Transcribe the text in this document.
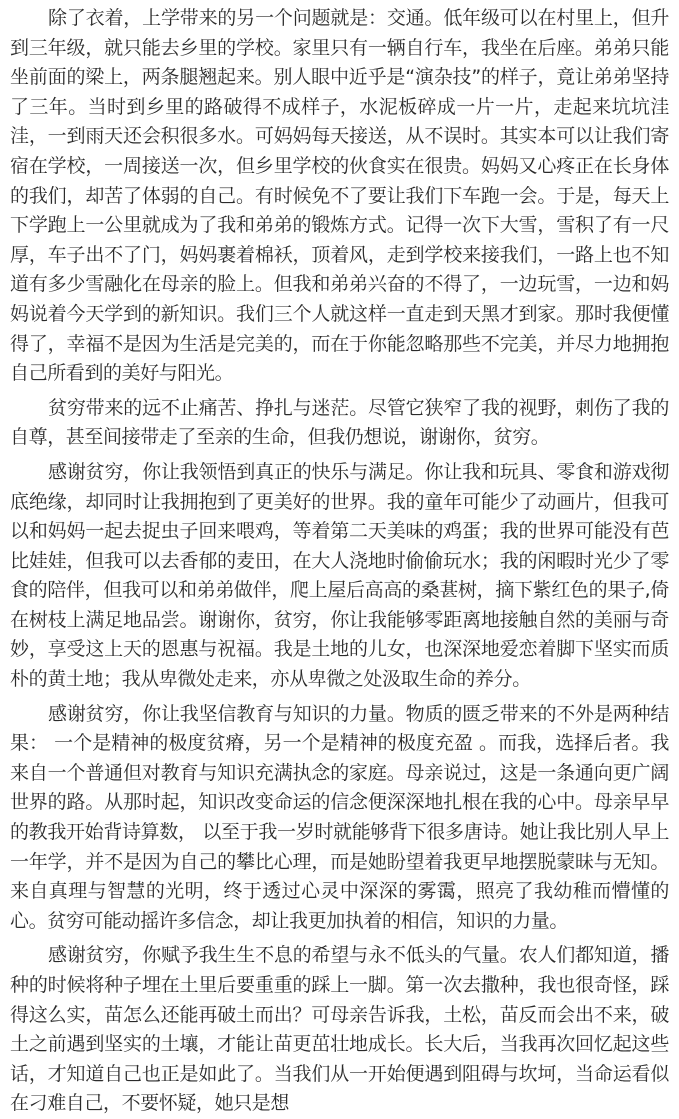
除了衣着，上学带来的另一个问题就是：交通。低年级可以在村里上，但升到三年级，就只能去乡里的学校。家里只有一辆自行车，我坐在后座。弟弟只能坐前面的梁上，两条腿翘起来。别人眼中近乎是“演杂技”的样子，竟让弟弟坚持了三年。当时到乡里的路破得不成样子，水泥板碎成一片一片，走起来坑坑洼洼，一到雨天还会积很多水。可妈妈每天接送，从不误时。其实本可以让我们寄宿在学校，一周接送一次，但乡里学校的伙食实在很贵。妈妈又心疼正在长身体的我们，却苦了体弱的自己。有时候免不了要让我们下车跑一会。于是，每天上下学跑上一公里就成为了我和弟弟的锻炼方式。记得一次下大雪，雪积了有一尺厚，车子出不了门，妈妈裹着棉袄，顶着风，走到学校来接我们，一路上也不知道有多少雪融化在母亲的脸上。但我和弟弟兴奋的不得了，一边玩雪，一边和妈妈说着今天学到的新知识。我们三个人就这样一直走到天黑才到家。那时我便懂得了，幸福不是因为生活是完美的，而在于你能忽略那些不完美，并尽力地拥抱自己所看到的美好与阳光。

贫穷带来的远不止痛苦、挣扎与迷茫。尽管它狭窄了我的视野，刺伤了我的自尊，甚至间接带走了至亲的生命，但我仍想说，谢谢你，贫穷。

感谢贫穷，你让我领悟到真正的快乐与满足。你让我和玩具、零食和游戏彻底绝缘，却同时让我拥抱到了更美好的世界。我的童年可能少了动画片，但我可以和妈妈一起去捉虫子回来喂鸡，等着第二天美味的鸡蛋；我的世界可能没有芭比娃娃，但我可以去香郁的麦田，在大人浇地时偷偷玩水；我的闲暇时光少了零食的陪伴，但我可以和弟弟做伴，爬上屋后高高的桑葚树，摘下紫红色的果子,倚在树枝上满足地品尝。谢谢你，贫穷，你让我能够零距离地接触自然的美丽与奇妙，享受这上天的恩惠与祝福。我是土地的儿女，也深深地爱恋着脚下坚实而质朴的黄土地；我从卑微处走来，亦从卑微之处汲取生命的养分。

感谢贫穷，你让我坚信教育与知识的力量。物质的匮乏带来的不外是两种结果： 一个是精神的极度贫瘠，另一个是精神的极度充盈 。而我，选择后者。我来自一个普通但对教育与知识充满执念的家庭。母亲说过，这是一条通向更广阔世界的路。从那时起，知识改变命运的信念便深深地扎根在我的心中。母亲早早的教我开始背诗算数， 以至于我一岁时就能够背下很多唐诗。她让我比别人早上一年学，并不是因为自己的攀比心理，而是她盼望着我更早地摆脱蒙昧与无知。来自真理与智慧的光明，终于透过心灵中深深的雾霭，照亮了我幼稚而懵懂的心。贫穷可能动摇许多信念，却让我更加执着的相信，知识的力量。

感谢贫穷，你赋予我生生不息的希望与永不低头的气量。农人们都知道，播种的时候将种子埋在土里后要重重的踩上一脚。第一次去撒种，我也很奇怪，踩得这么实，苗怎么还能再破土而出？可母亲告诉我，土松，苗反而会出不来，破土之前遇到坚实的土壤，才能让苗更茁壮地成长。长大后，当我再次回忆起这些话，才知道自己也正是如此了。当我们从一开始便遇到阻碍与坎坷，当命运看似在刁难自己，不要怀疑，她只是想
